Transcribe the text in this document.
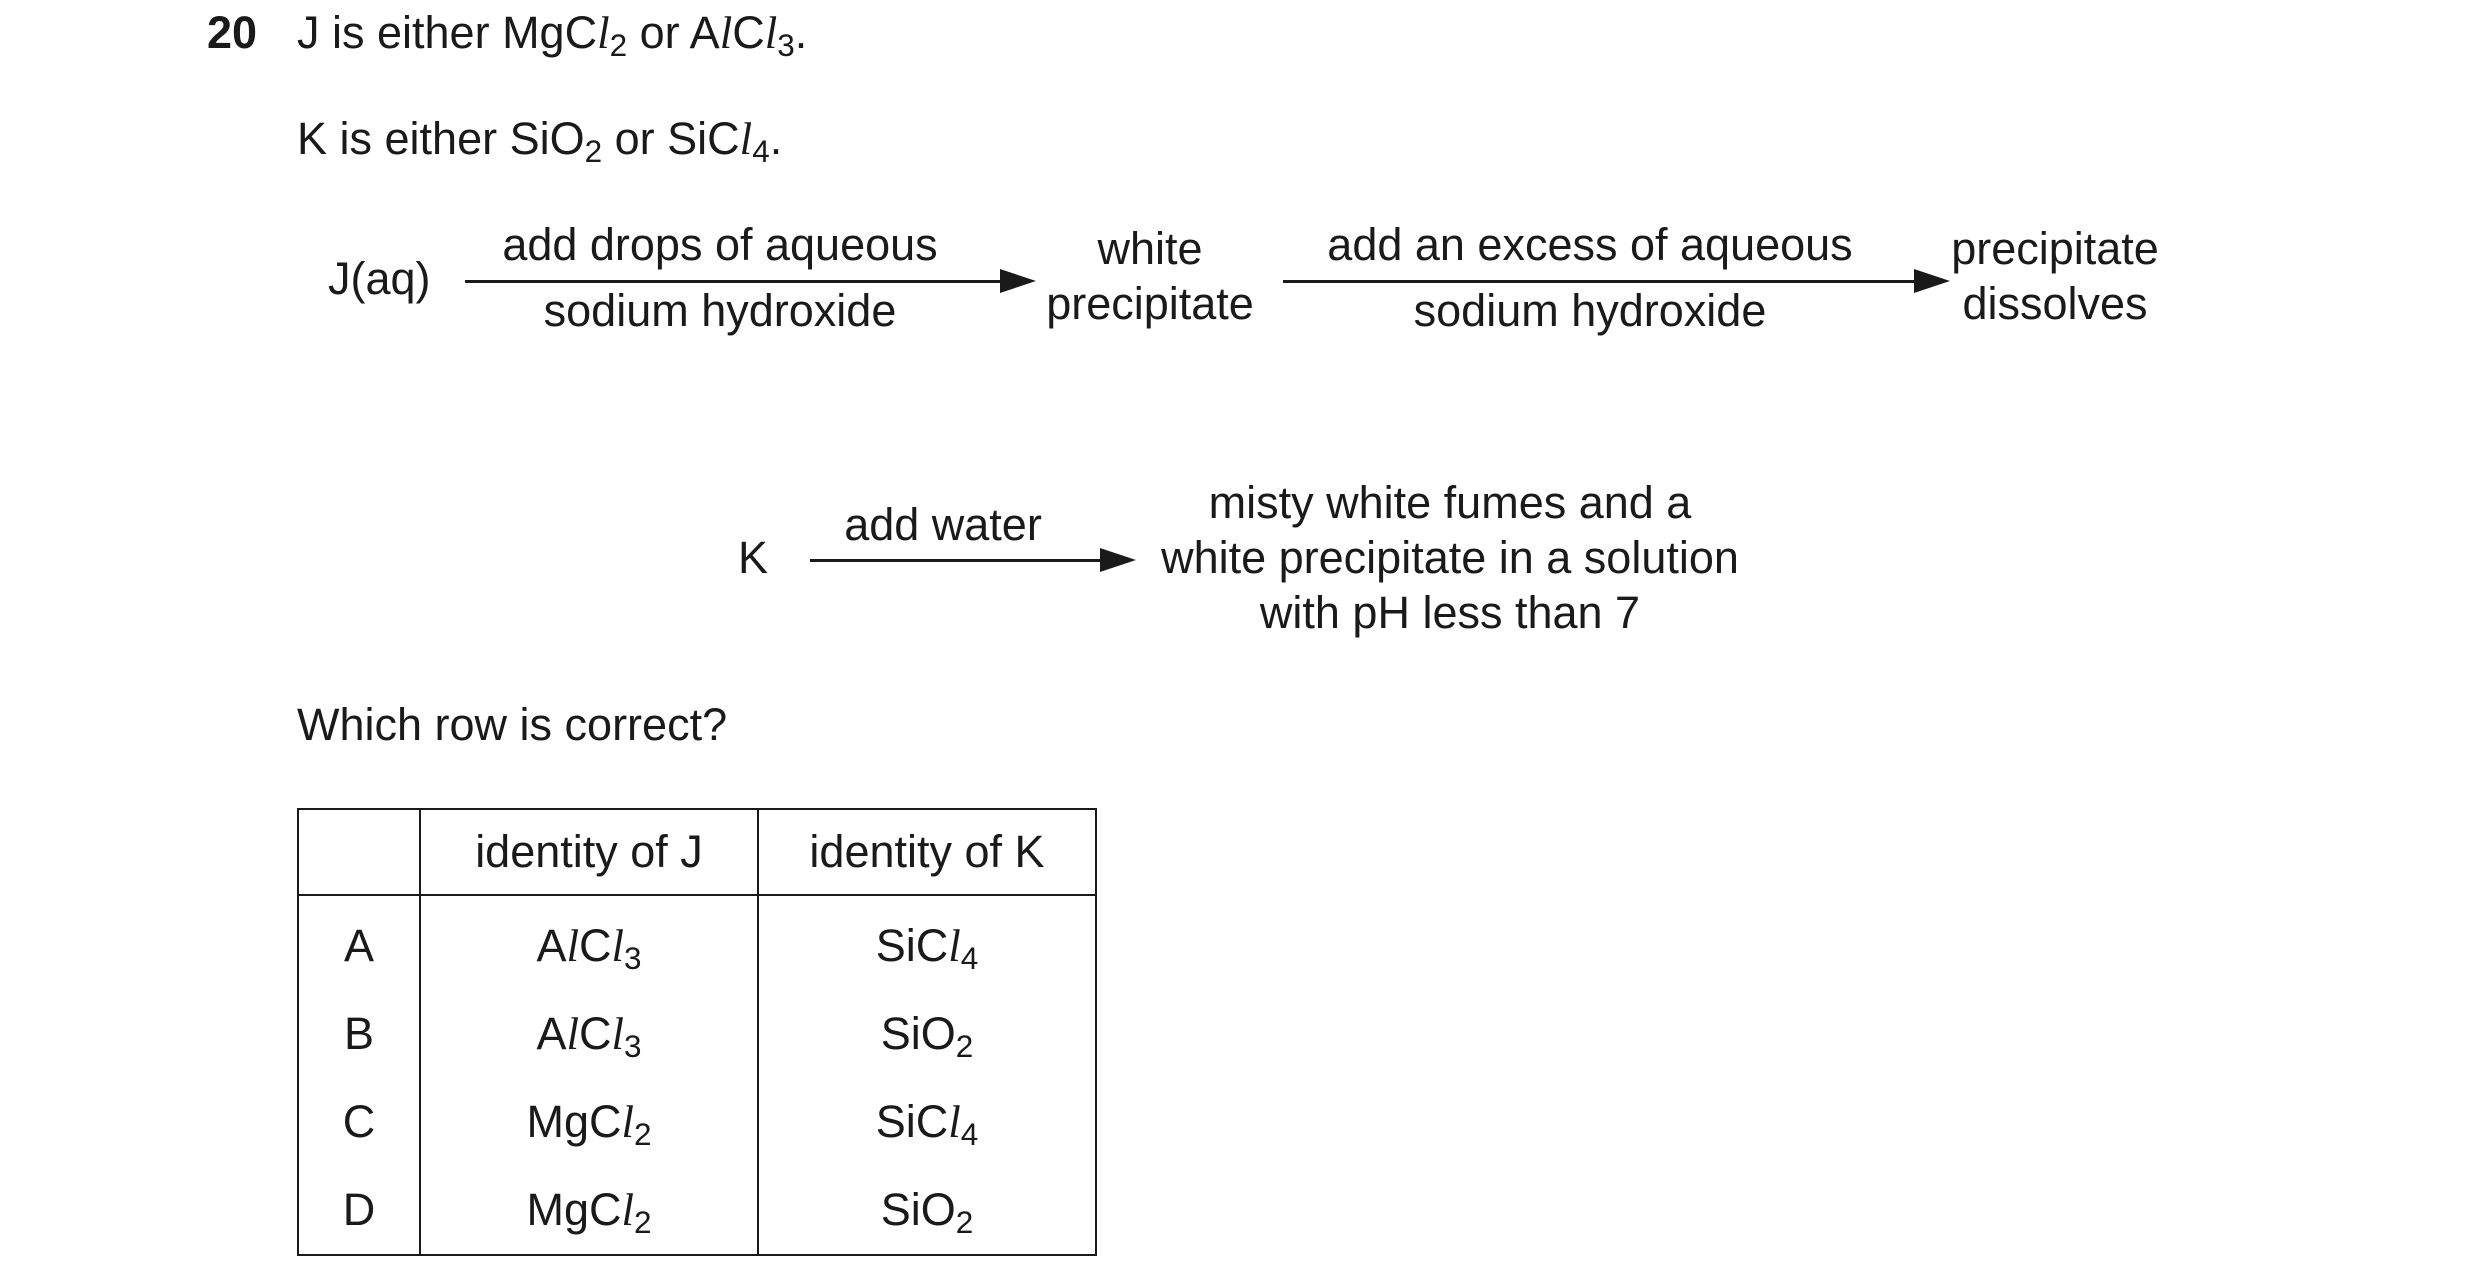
20 J is either MgCl$_2$ or AlCl$_3$.
K is either SiO$_2$ or SiCl$_4$.
J(aq)
add drops of aqueous
sodium hydroxide
white
precipitate
add an excess of aqueous
sodium hydroxide
precipitate
dissolves
K
add water	misty white fumes and a
white precipitate in a solution
with pH less than 7
Which row is correct?
	identity of J	identity of K
A	AlCl$_3$	SiCl$_4$
B	AlCl$_3$	SiO$_2$
C	MgCl$_2$	SiCl$_4$
D	MgCl$_2$	SiO$_2$
